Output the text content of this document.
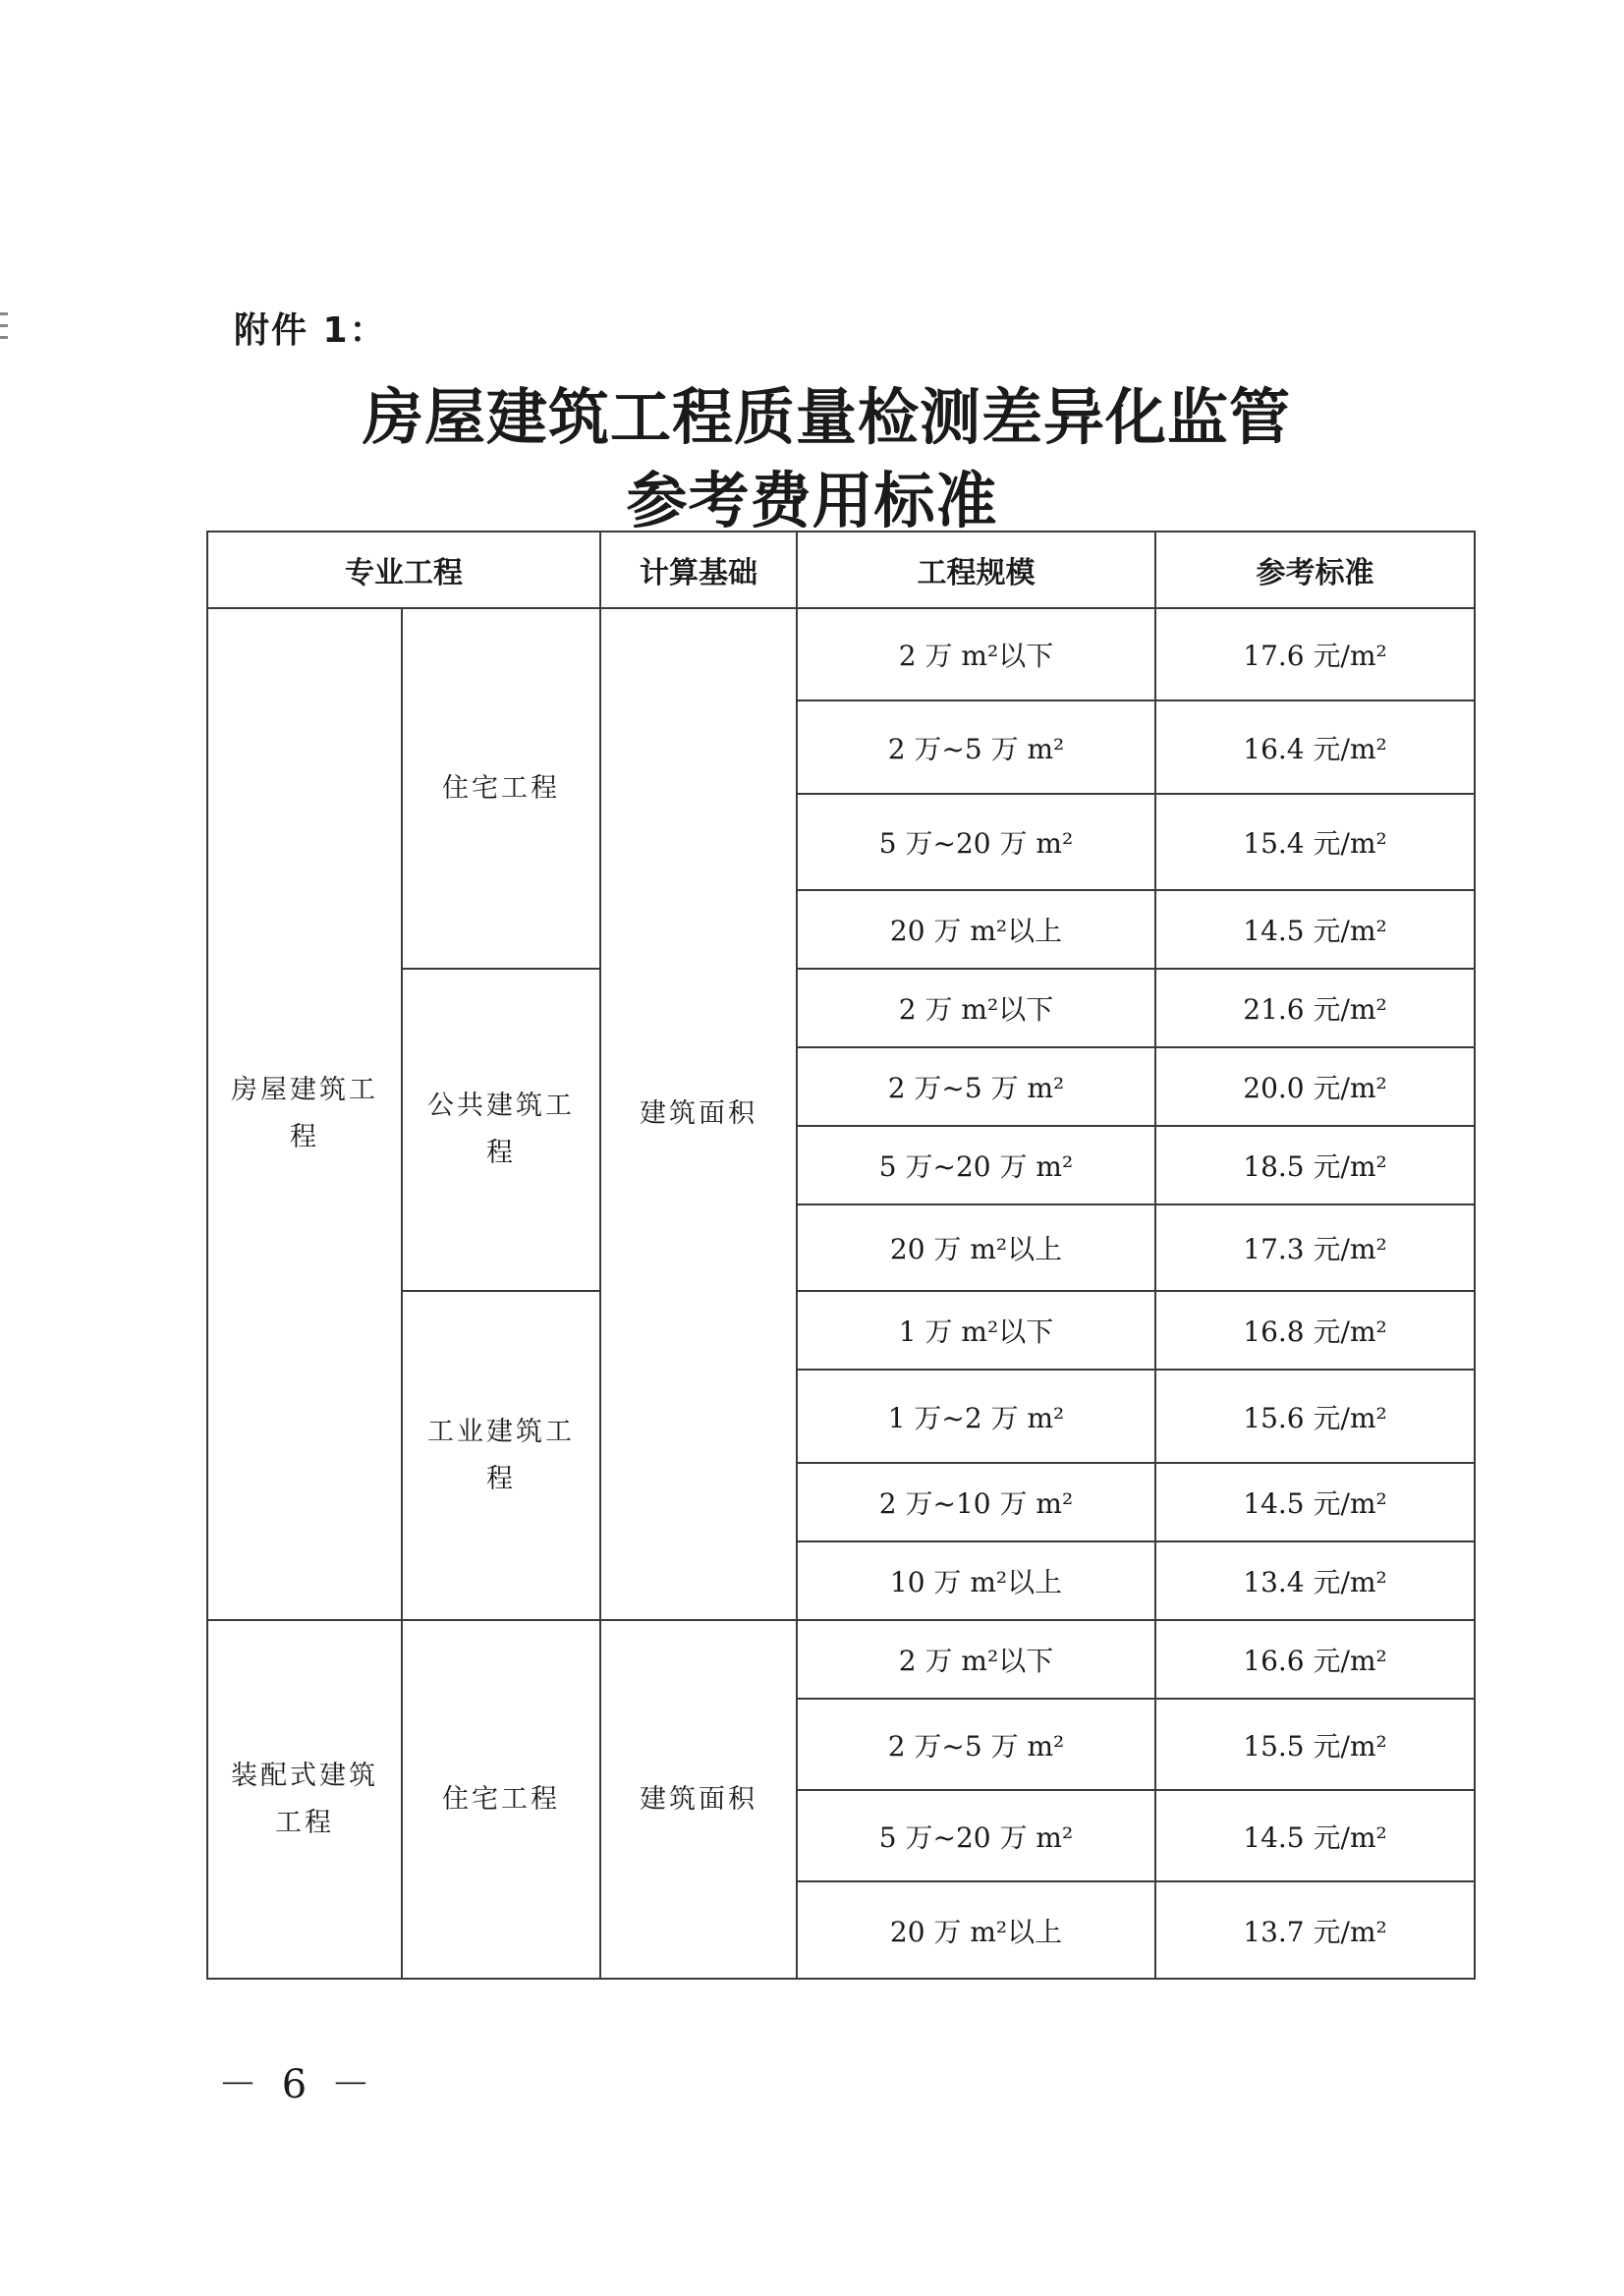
附件 1：
房屋建筑工程质量检测差异化监管
参考费用标准
专业工程		计算基础	工程规模	参考标准
房屋建筑工程	住宅工程	建筑面积	2 万 m²以下	17.6 元/m²
			2 万~5 万 m²	16.4 元/m²
			5 万~20 万 m²	15.4 元/m²
			20 万 m²以上	14.5 元/m²
	公共建筑工程		2 万 m²以下	21.6 元/m²
			2 万~5 万 m²	20.0 元/m²
			5 万~20 万 m²	18.5 元/m²
			20 万 m²以上	17.3 元/m²
	工业建筑工程		1 万 m²以下	16.8 元/m²
			1 万~2 万 m²	15.6 元/m²
			2 万~10 万 m²	14.5 元/m²
			10 万 m²以上	13.4 元/m²
装配式建筑工程	住宅工程	建筑面积	2 万 m²以下	16.6 元/m²
			2 万~5 万 m²	15.5 元/m²
			5 万~20 万 m²	14.5 元/m²
			20 万 m²以上	13.7 元/m²
－ 6 －
